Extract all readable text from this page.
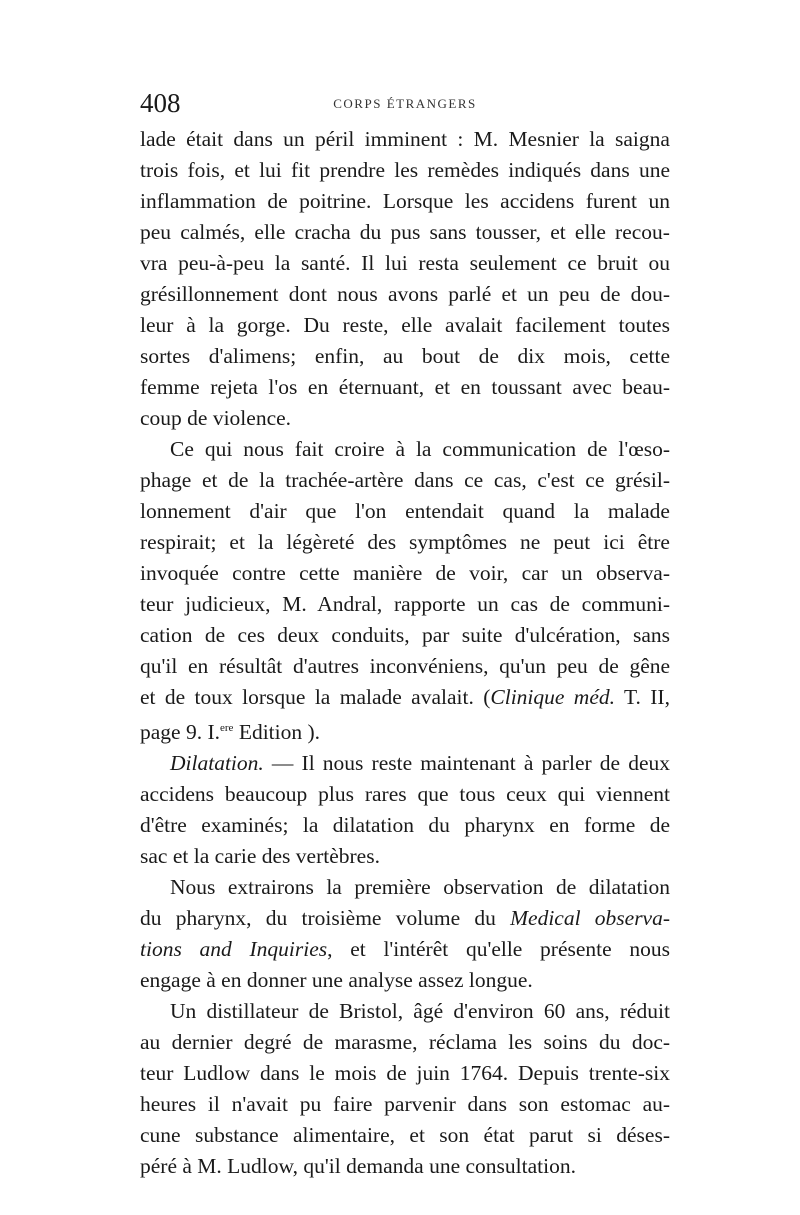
408	CORPS ÉTRANGERS

lade était dans un péril imminent : M. Mesnier la saigna
trois fois, et lui fit prendre les remèdes indiqués dans une
inflammation de poitrine. Lorsque les accidens furent un
peu calmés, elle cracha du pus sans tousser, et elle recou-
vra peu-à-peu la santé. Il lui resta seulement ce bruit ou
grésillonnement dont nous avons parlé et un peu de dou-
leur à la gorge. Du reste, elle avalait facilement toutes
sortes d'alimens; enfin, au bout de dix mois, cette
femme rejeta l'os en éternuant, et en toussant avec beau-
coup de violence.

Ce qui nous fait croire à la communication de l'œso-
phage et de la trachée-artère dans ce cas, c'est ce grésil-
lonnement d'air que l'on entendait quand la malade
respirait; et la légèreté des symptômes ne peut ici être
invoquée contre cette manière de voir, car un observa-
teur judicieux, M. Andral, rapporte un cas de communi-
cation de ces deux conduits, par suite d'ulcération, sans
qu'il en résultât d'autres inconvéniens, qu'un peu de gêne
et de toux lorsque la malade avalait. (Clinique méd. T. II,
page 9. I.$^{ere}$ Edition ).

Dilatation. — Il nous reste maintenant à parler de deux
accidens beaucoup plus rares que tous ceux qui viennent
d'être examinés; la dilatation du pharynx en forme de
sac et la carie des vertèbres.

Nous extrairons la première observation de dilatation
du pharynx, du troisième volume du Medical observa-
tions and Inquiries, et l'intérêt qu'elle présente nous
engage à en donner une analyse assez longue.

Un distillateur de Bristol, âgé d'environ 60 ans, réduit
au dernier degré de marasme, réclama les soins du doc-
teur Ludlow dans le mois de juin 1764. Depuis trente-six
heures il n'avait pu faire parvenir dans son estomac au-
cune substance alimentaire, et son état parut si déses-
péré à M. Ludlow, qu'il demanda une consultation.
